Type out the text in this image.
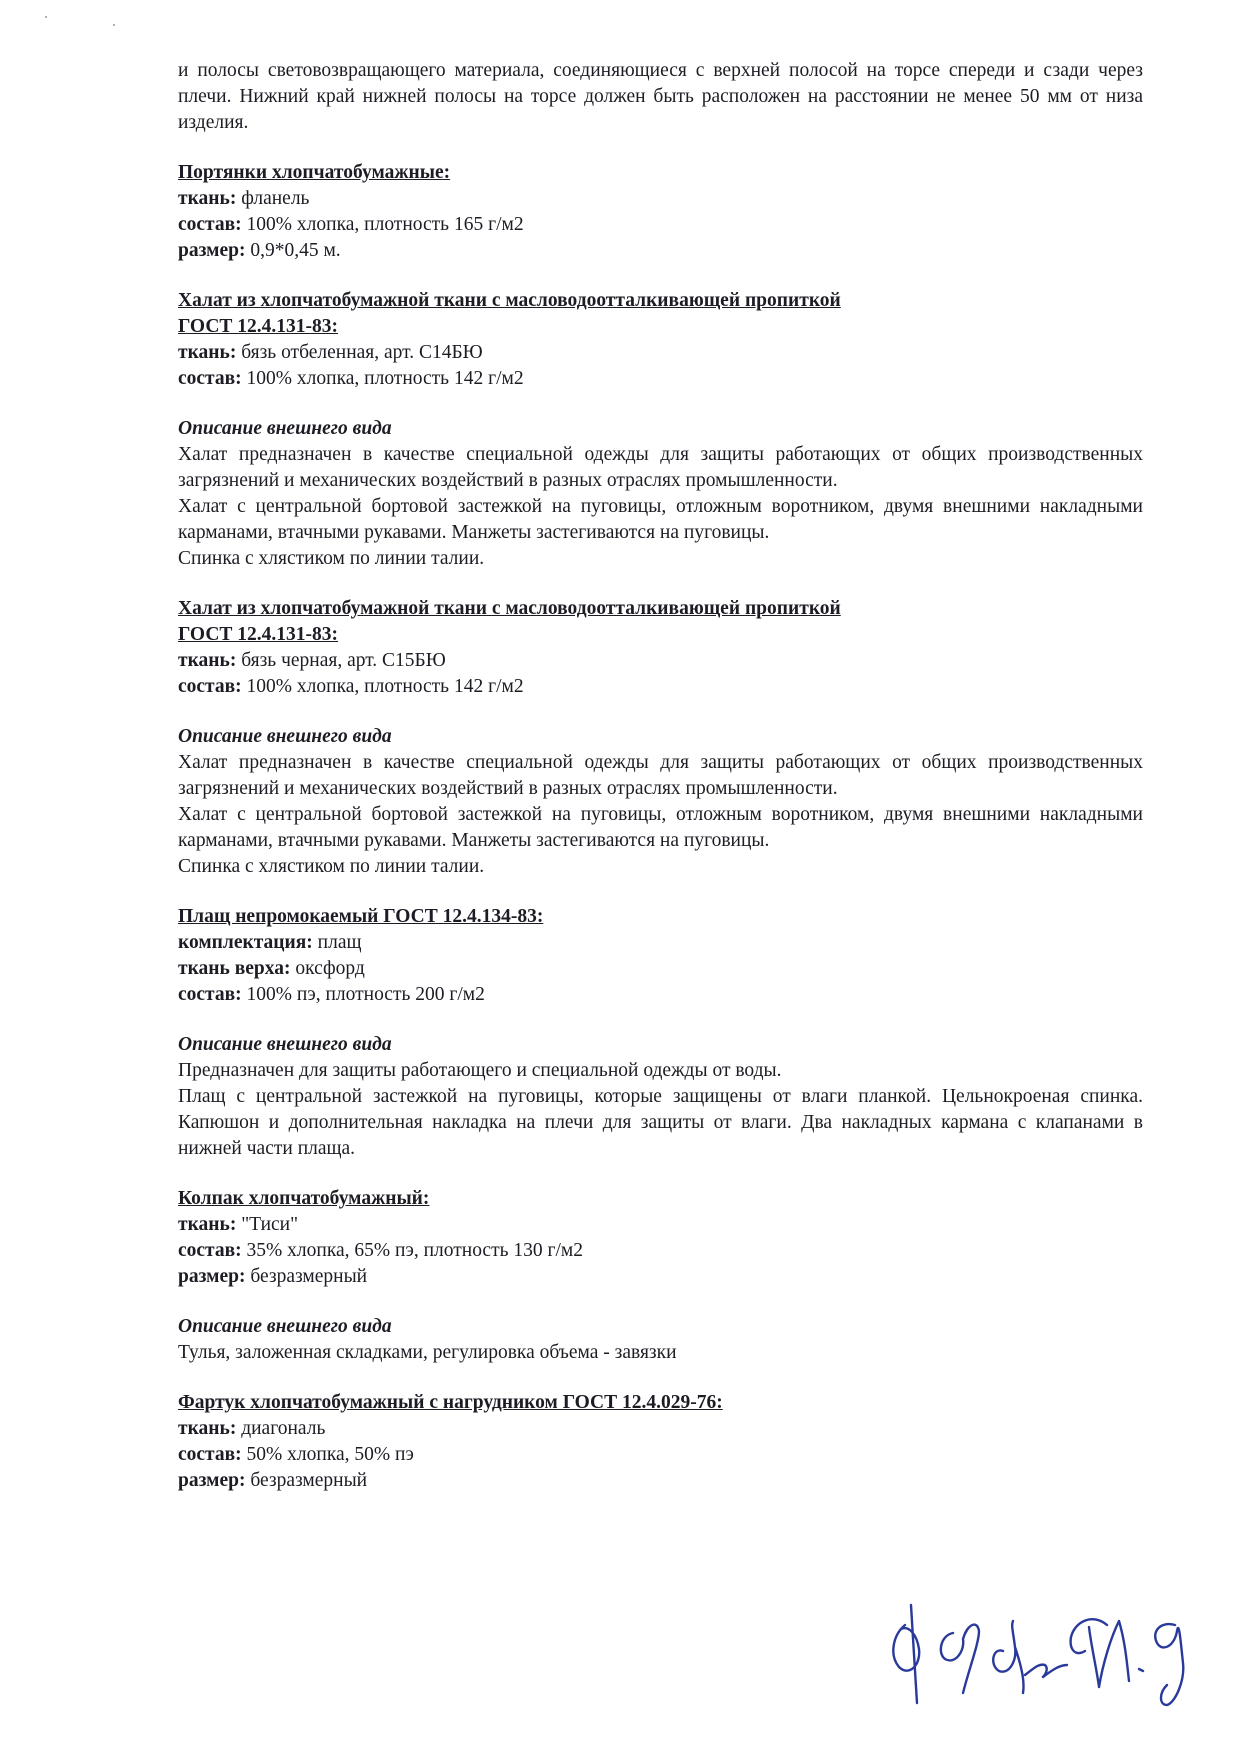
и полосы световозвращающего материала, соединяющиеся с верхней полосой на торсе спереди и сзади через плечи. Нижний край нижней полосы на торсе должен быть расположен на расстоянии не менее 50 мм от низа изделия.

Портянки хлопчатобумажные:

ткань: фланель

состав: 100% хлопка, плотность 165 г/м2

размер: 0,9*0,45 м.

Халат из хлопчатобумажной ткани с масловодоотталкивающей пропиткой

ГОСТ 12.4.131-83:

ткань: бязь отбеленная, арт. С14БЮ

состав: 100% хлопка, плотность 142 г/м2

Описание внешнего вида

Халат предназначен в качестве специальной одежды для защиты работающих от общих производственных загрязнений и механических воздействий в разных отраслях промышленности.

Халат с центральной бортовой застежкой на пуговицы, отложным воротником, двумя внешними накладными карманами, втачными рукавами. Манжеты застегиваются на пуговицы.

Спинка с хлястиком по линии талии.

Халат из хлопчатобумажной ткани с масловодоотталкивающей пропиткой

ГОСТ 12.4.131-83:

ткань: бязь черная, арт. С15БЮ

состав: 100% хлопка, плотность 142 г/м2

Описание внешнего вида

Халат предназначен в качестве специальной одежды для защиты работающих от общих производственных загрязнений и механических воздействий в разных отраслях промышленности.

Халат с центральной бортовой застежкой на пуговицы, отложным воротником, двумя внешними накладными карманами, втачными рукавами. Манжеты застегиваются на пуговицы.

Спинка с хлястиком по линии талии.

Плащ непромокаемый ГОСТ 12.4.134-83:

комплектация: плащ

ткань верха: оксфорд

состав: 100% пэ, плотность 200 г/м2

Описание внешнего вида

Предназначен для защиты работающего и специальной одежды от воды.

Плащ с центральной застежкой на пуговицы, которые защищены от влаги планкой. Цельнокроеная спинка. Капюшон и дополнительная накладка на плечи для защиты от влаги. Два накладных кармана с клапанами в нижней части плаща.

Колпак хлопчатобумажный:

ткань: "Тиси"

состав: 35% хлопка, 65% пэ, плотность 130 г/м2

размер: безразмерный

Описание внешнего вида

Тулья, заложенная складками, регулировка объема - завязки

Фартук хлопчатобумажный с нагрудником ГОСТ 12.4.029-76:

ткань: диагональ

состав: 50% хлопка, 50% пэ

размер: безразмерный
